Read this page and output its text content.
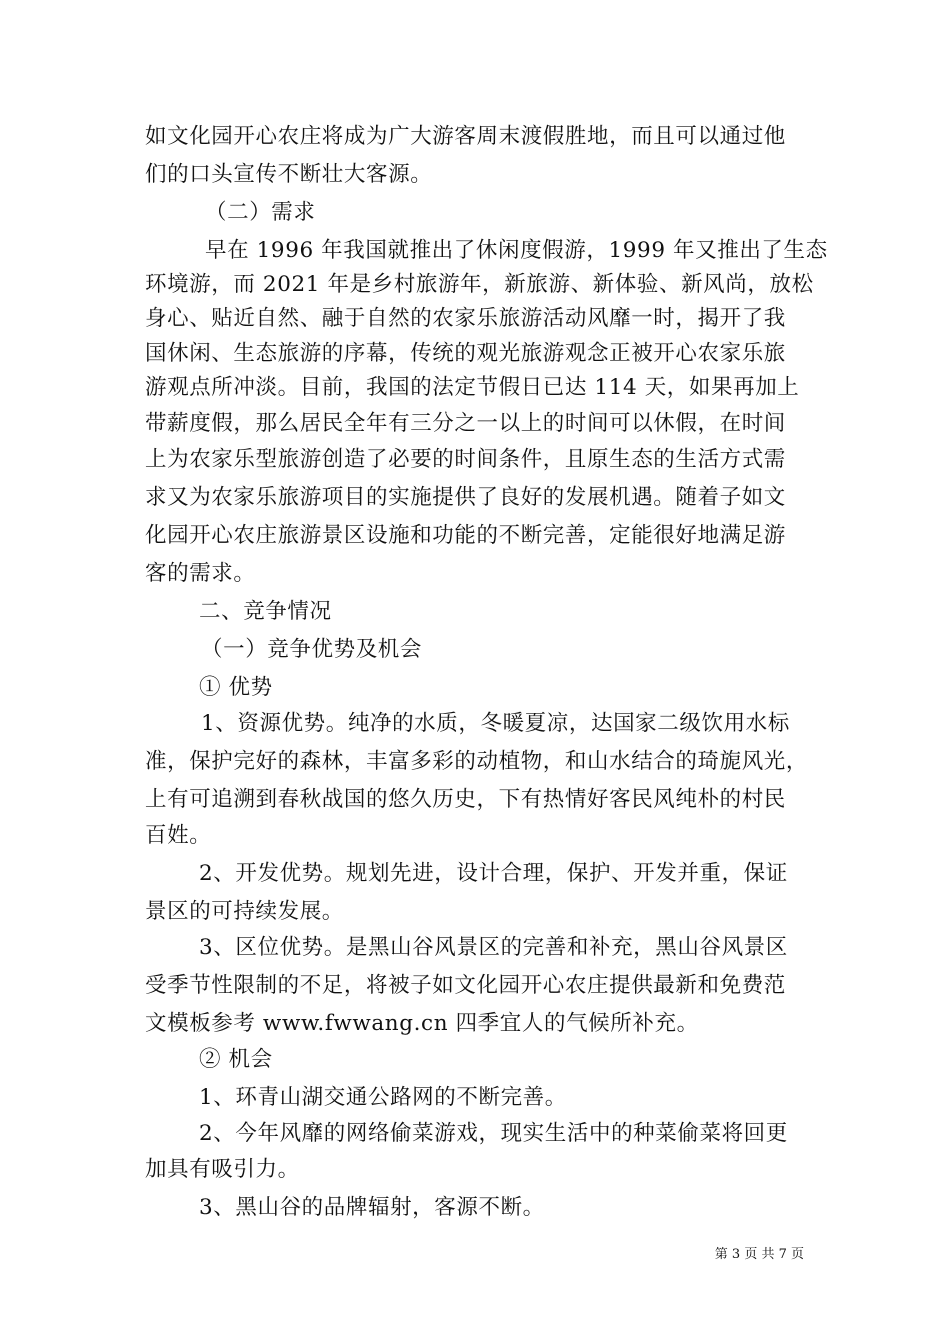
如文化园开心农庄将成为广大游客周末渡假胜地，而且可以通过他
们的口头宣传不断壮大客源。
（二）需求
早在 1996 年我国就推出了休闲度假游，1999 年又推出了生态
环境游，而 2021 年是乡村旅游年，新旅游、新体验、新风尚，放松
身心、贴近自然、融于自然的农家乐旅游活动风靡一时，揭开了我
国休闲、生态旅游的序幕，传统的观光旅游观念正被开心农家乐旅
游观点所冲淡。目前，我国的法定节假日已达 114 天，如果再加上
带薪度假，那么居民全年有三分之一以上的时间可以休假，在时间
上为农家乐型旅游创造了必要的时间条件，且原生态的生活方式需
求又为农家乐旅游项目的实施提供了良好的发展机遇。随着子如文
化园开心农庄旅游景区设施和功能的不断完善，定能很好地满足游
客的需求。
二、竞争情况
（一）竞争优势及机会
① 优势
1、资源优势。纯净的水质，冬暖夏凉，达国家二级饮用水标
准，保护完好的森林，丰富多彩的动植物，和山水结合的琦旎风光，
上有可追溯到春秋战国的悠久历史，下有热情好客民风纯朴的村民
百姓。
2、开发优势。规划先进，设计合理，保护、开发并重，保证
景区的可持续发展。
3、区位优势。是黑山谷风景区的完善和补充，黑山谷风景区
受季节性限制的不足，将被子如文化园开心农庄提供最新和免费范
文模板参考 www.fwwang.cn 四季宜人的气候所补充。
② 机会
1、环青山湖交通公路网的不断完善。
2、今年风靡的网络偷菜游戏，现实生活中的种菜偷菜将回更
加具有吸引力。
3、黑山谷的品牌辐射，客源不断。
第 3 页 共 7 页
